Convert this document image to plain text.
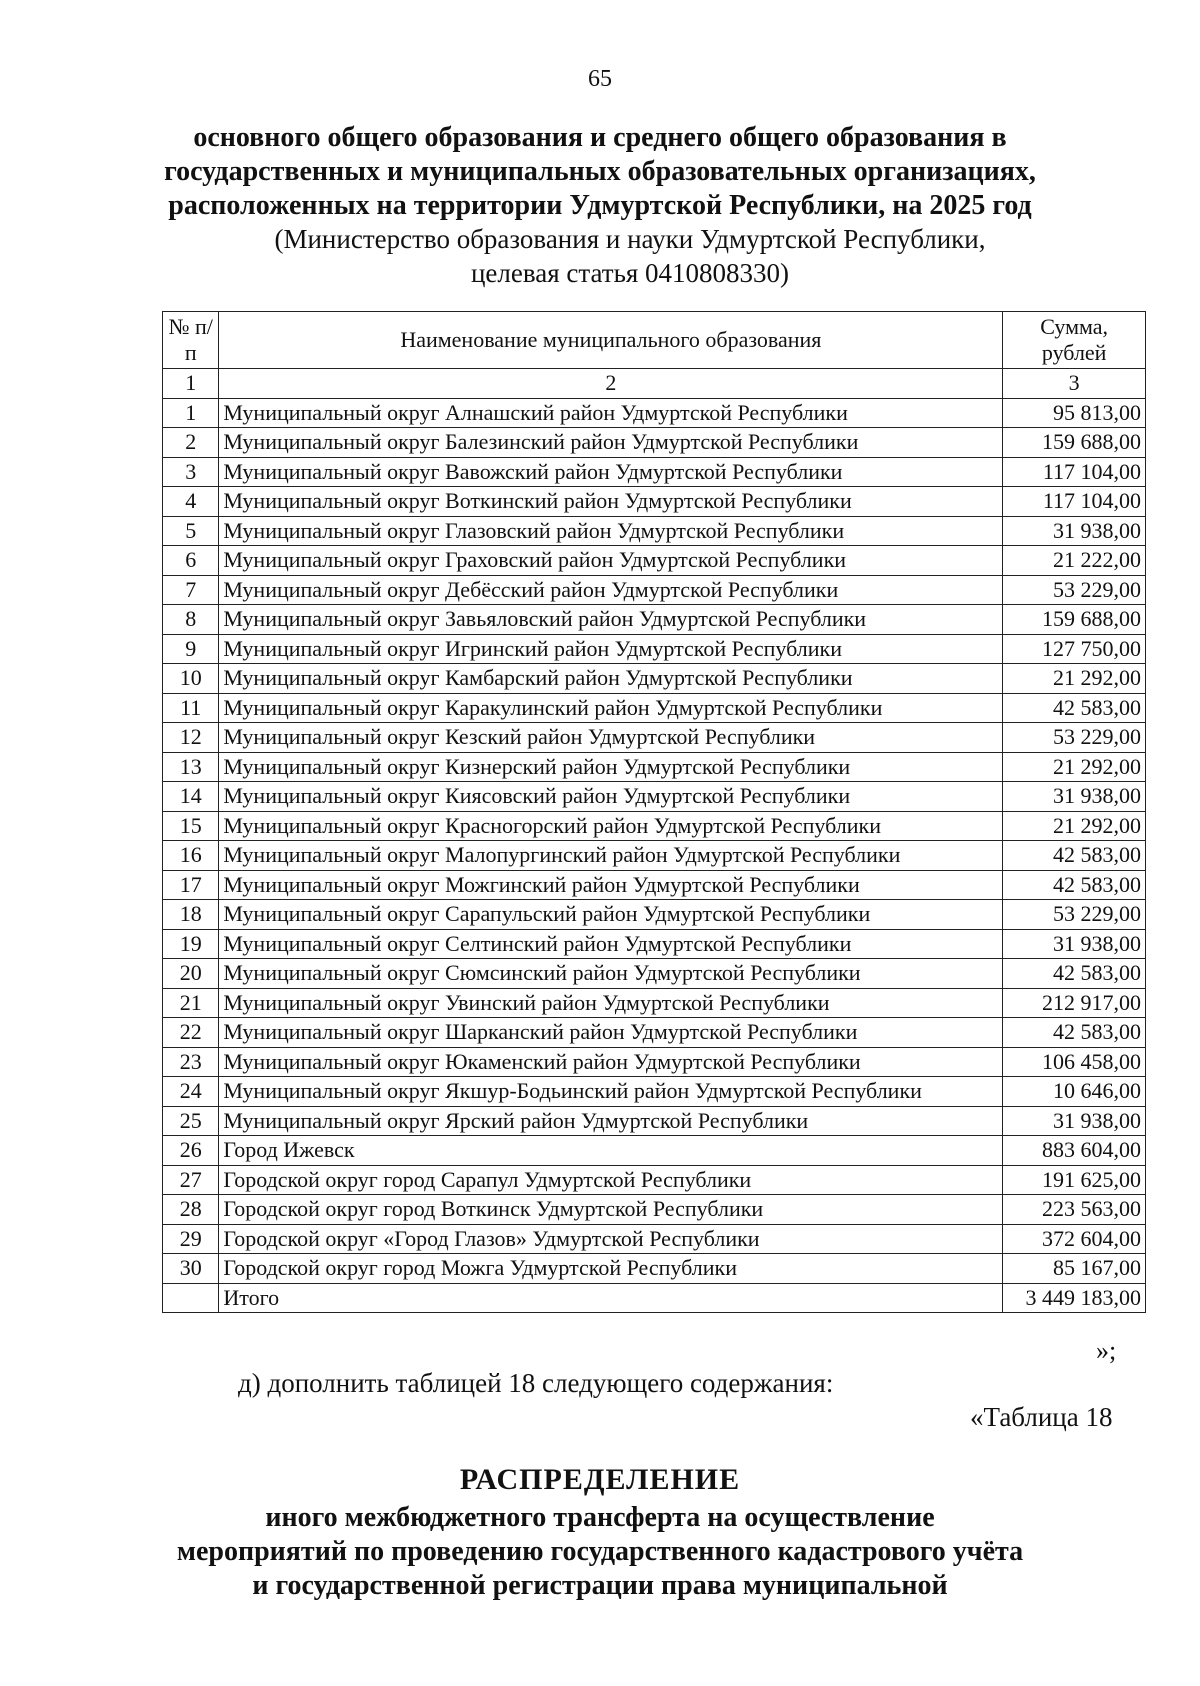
65
основного общего образования и среднего общего образования в
государственных и муниципальных образовательных организациях,
расположенных на территории Удмуртской Республики, на 2025 год
(Министерство образования и науки Удмуртской Республики,
целевая статья 0410808330)
№ п/п	Наименование муниципального образования	Сумма, рублей
1	2	3
1	Муниципальный округ Алнашский район Удмуртской Республики	95 813,00
2	Муниципальный округ Балезинский район Удмуртской Республики	159 688,00
3	Муниципальный округ Вавожский район Удмуртской Республики	117 104,00
4	Муниципальный округ Воткинский район Удмуртской Республики	117 104,00
5	Муниципальный округ Глазовский район Удмуртской Республики	31 938,00
6	Муниципальный округ Граховский район Удмуртской Республики	21 222,00
7	Муниципальный округ Дебёсский район Удмуртской Республики	53 229,00
8	Муниципальный округ Завьяловский район Удмуртской Республики	159 688,00
9	Муниципальный округ Игринский район Удмуртской Республики	127 750,00
10	Муниципальный округ Камбарский район Удмуртской Республики	21 292,00
11	Муниципальный округ Каракулинский район Удмуртской Республики	42 583,00
12	Муниципальный округ Кезский район Удмуртской Республики	53 229,00
13	Муниципальный округ Кизнерский район Удмуртской Республики	21 292,00
14	Муниципальный округ Киясовский район Удмуртской Республики	31 938,00
15	Муниципальный округ Красногорский район Удмуртской Республики	21 292,00
16	Муниципальный округ Малопургинский район Удмуртской Республики	42 583,00
17	Муниципальный округ Можгинский район Удмуртской Республики	42 583,00
18	Муниципальный округ Сарапульский район Удмуртской Республики	53 229,00
19	Муниципальный округ Селтинский район Удмуртской Республики	31 938,00
20	Муниципальный округ Сюмсинский район Удмуртской Республики	42 583,00
21	Муниципальный округ Увинский район Удмуртской Республики	212 917,00
22	Муниципальный округ Шарканский район Удмуртской Республики	42 583,00
23	Муниципальный округ Юкаменский район Удмуртской Республики	106 458,00
24	Муниципальный округ Якшур-Бодьинский район Удмуртской Республики	10 646,00
25	Муниципальный округ Ярский район Удмуртской Республики	31 938,00
26	Город Ижевск	883 604,00
27	Городской округ город Сарапул Удмуртской Республики	191 625,00
28	Городской округ город Воткинск Удмуртской Республики	223 563,00
29	Городской округ «Город Глазов» Удмуртской Республики	372 604,00
30	Городской округ город Можга Удмуртской Республики	85 167,00
	Итого	3 449 183,00
»;
д) дополнить таблицей 18 следующего содержания:
«Таблица 18
РАСПРЕДЕЛЕНИЕ
иного межбюджетного трансферта на осуществление
мероприятий по проведению государственного кадастрового учёта
и государственной регистрации права муниципальной
